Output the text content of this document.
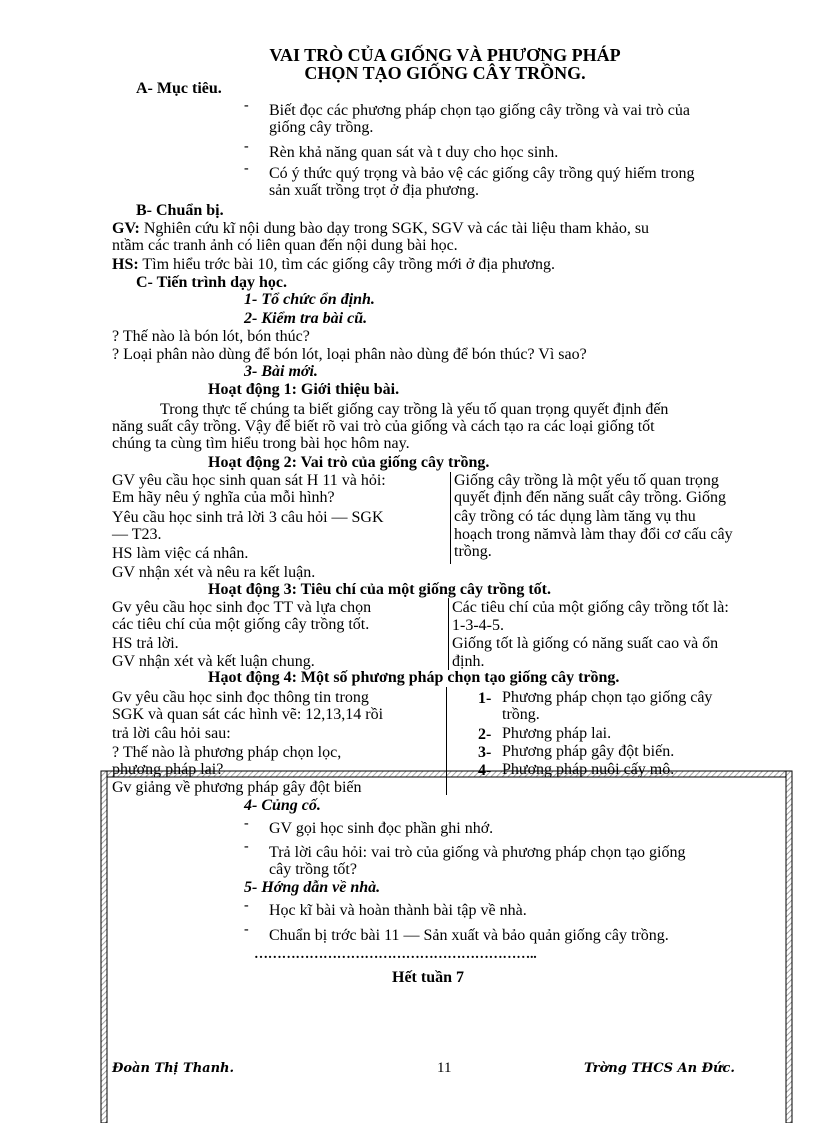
VAI TRÒ CỦA GIỐNG VÀ PHƯƠNG PHÁP
CHỌN TẠO GIỐNG CÂY TRỒNG.
A- Mục tiêu.
- Biết đọc các phương pháp chọn tạo giống cây trồng và vai trò của
giống cây trồng.
- Rèn khả năng quan sát và t duy cho học sinh.
- Có ý thức quý trọng và bảo vệ các giống cây trồng quý hiếm trong
sản xuất trồng trọt ở địa phương.
B- Chuẩn bị.
GV: Nghiên cứu kĩ nội dung bào dạy trong SGK, SGV và các tài liệu tham khảo, su
ntầm các tranh ảnh có liên quan đến nội dung bài học.
HS: Tìm hiểu trớc bài 10, tìm các giống cây trồng mới ở địa phương.
C- Tiến trình dạy học.
1- Tổ chức ổn định.
2- Kiểm tra bài cũ.
? Thế nào là bón lót, bón thúc?
? Loại phân nào dùng để bón lót, loại phân nào dùng để bón thúc? Vì sao?
3- Bài mới.
Hoạt động 1: Giới thiệu bài.
Trong thực tế chúng ta biết giống cay trồng là yếu tố quan trọng quyết định đến
năng suất cây trồng. Vậy để biết rõ vai trò của giống và cách tạo ra các loại giống tốt
chúng ta cùng tìm hiểu trong bài học hôm nay.
Hoạt động 2: Vai trò của giống cây trồng.
GV yêu cầu học sinh quan sát H 11 và hỏi:
Em hãy nêu ý nghĩa của mỗi hình?
Yêu cầu học sinh trả lời 3 câu hỏi — SGK
— T23.
HS làm việc cá nhân.
GV nhận xét và nêu ra kết luận.
Giống cây trồng là một yếu tố quan trọng
quyết định đến năng suất cây trồng. Giống
cây trồng có tác dụng làm tăng vụ thu
hoạch trong nămvà làm thay đổi cơ cấu cây
trồng.
Hoạt động 3: Tiêu chí của một giống cây trồng tốt.
Gv yêu cầu học sinh đọc TT và lựa chọn
các tiêu chí của một giống cây trồng tốt.
HS trả lời.
GV nhận xét và kết luận chung.
Các tiêu chí của một giống cây trồng tốt là:
1-3-4-5.
Giống tốt là giống có năng suất cao và ổn
định.
Hạot động 4: Một số phương pháp chọn tạo giống cây trồng.
Gv yêu cầu học sinh đọc thông tin trong
SGK và quan sát các hình vẽ: 12,13,14 rồi
trả lời câu hỏi sau:
? Thế nào là phương pháp chọn lọc,
phương pháp lai?
Gv giảng về phương pháp gây đột biến
1- Phương pháp chọn tạo giống cây
trồng.
2- Phương pháp lai.
3- Phương pháp gây đột biến.
4- Phương pháp nuôi cấy mô.
4- Củng cố.
- GV gọi học sinh đọc phần ghi nhớ.
- Trả lời câu hỏi: vai trò của giống và phương pháp chọn tạo giống
cây trồng tốt?
5- Hớng dẫn về nhà.
- Học kĩ bài và hoàn thành bài tập về nhà.
- Chuẩn bị trớc bài 11 — Sản xuất và bảo quản giống cây trồng.
……………………………………………………..
Hết tuần 7
Đoàn Thị Thanh.	11	Trờng THCS An Đức.
